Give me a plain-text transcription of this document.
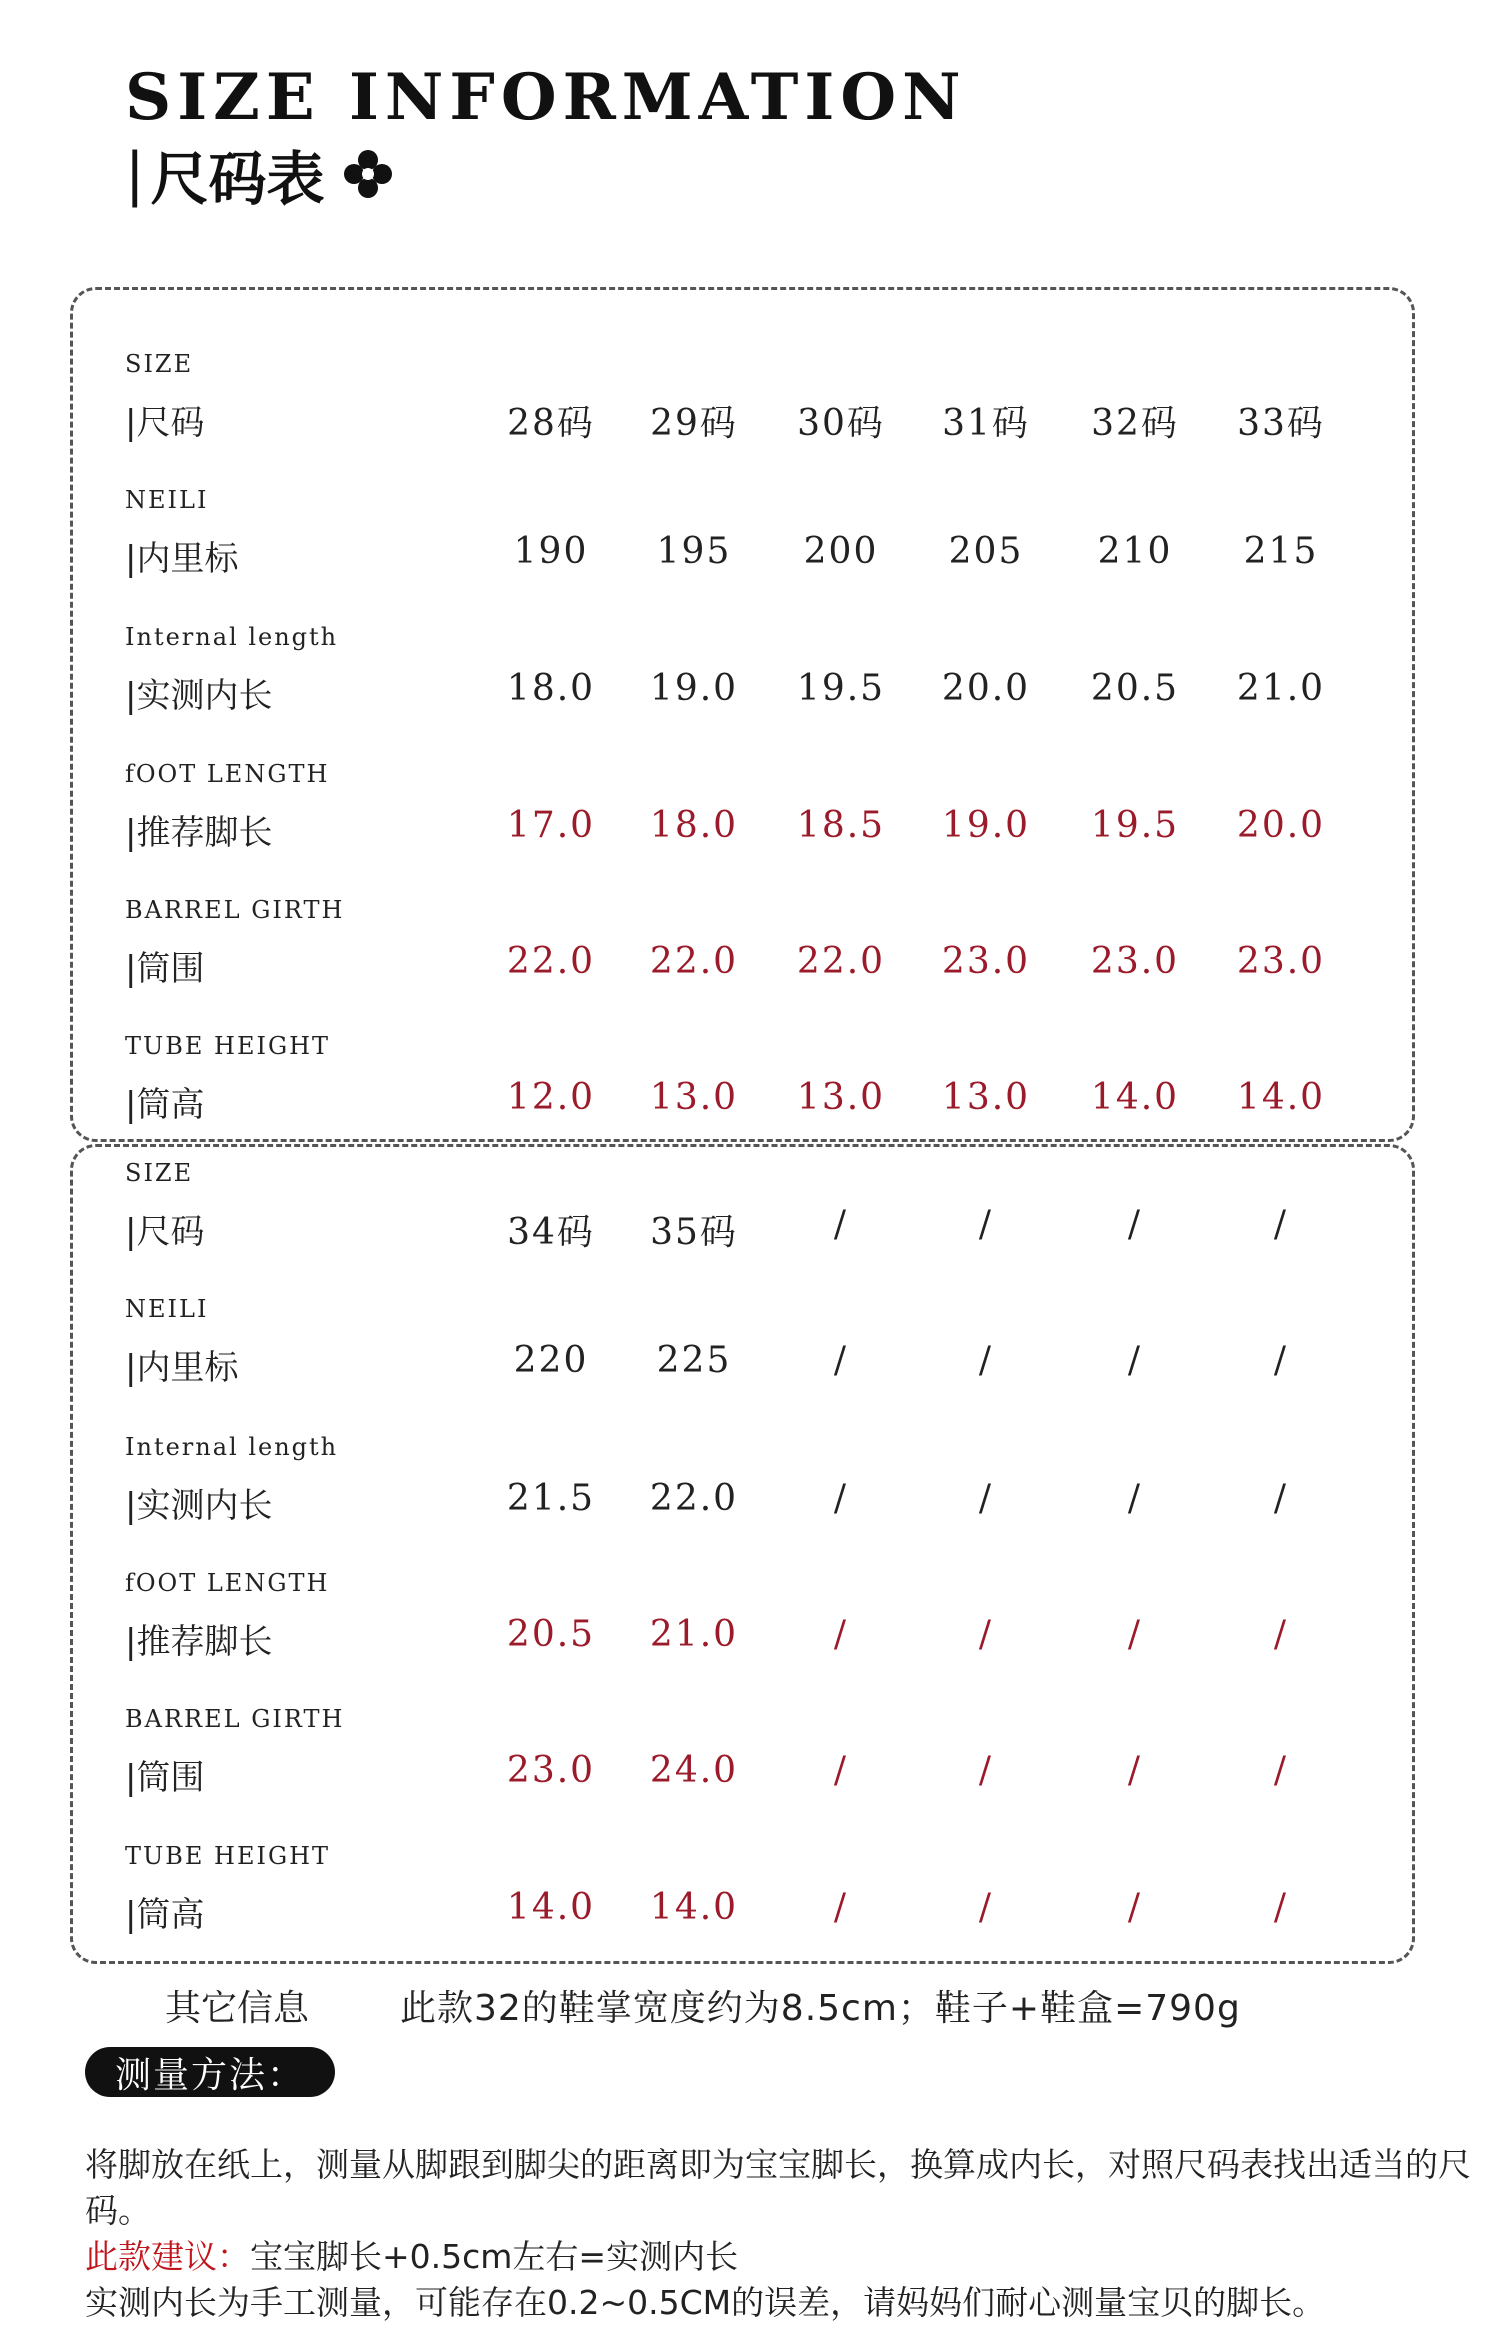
SIZE INFORMATION
| 尺码表
SIZE
|尺码	28码	29码	30码	31码	32码	33码
NEILI
|内里标	190	195	200	205	210	215
Internal length
|实测内长	18.0	19.0	19.5	20.0	20.5	21.0
fOOT LENGTH
|推荐脚长	17.0	18.0	18.5	19.0	19.5	20.0
BARREL GIRTH
|筒围	22.0	22.0	22.0	23.0	23.0	23.0
TUBE HEIGHT
|筒高	12.0	13.0	13.0	13.0	14.0	14.0
SIZE
|尺码	34码	35码	/	/	/	/
NEILI
|内里标	220	225	/	/	/	/
Internal length
|实测内长	21.5	22.0	/	/	/	/
fOOT LENGTH
|推荐脚长	20.5	21.0	/	/	/	/
BARREL GIRTH
|筒围	23.0	24.0	/	/	/	/
TUBE HEIGHT
|筒高	14.0	14.0	/	/	/	/
其它信息	此款32的鞋掌宽度约为8.5cm；鞋子+鞋盒=790g
测量方法：
将脚放在纸上，测量从脚跟到脚尖的距离即为宝宝脚长，换算成内长，对照尺码表找出适当的尺码。
此款建议：宝宝脚长+0.5cm左右=实测内长
实测内长为手工测量，可能存在0.2~0.5CM的误差，请妈妈们耐心测量宝贝的脚长。
